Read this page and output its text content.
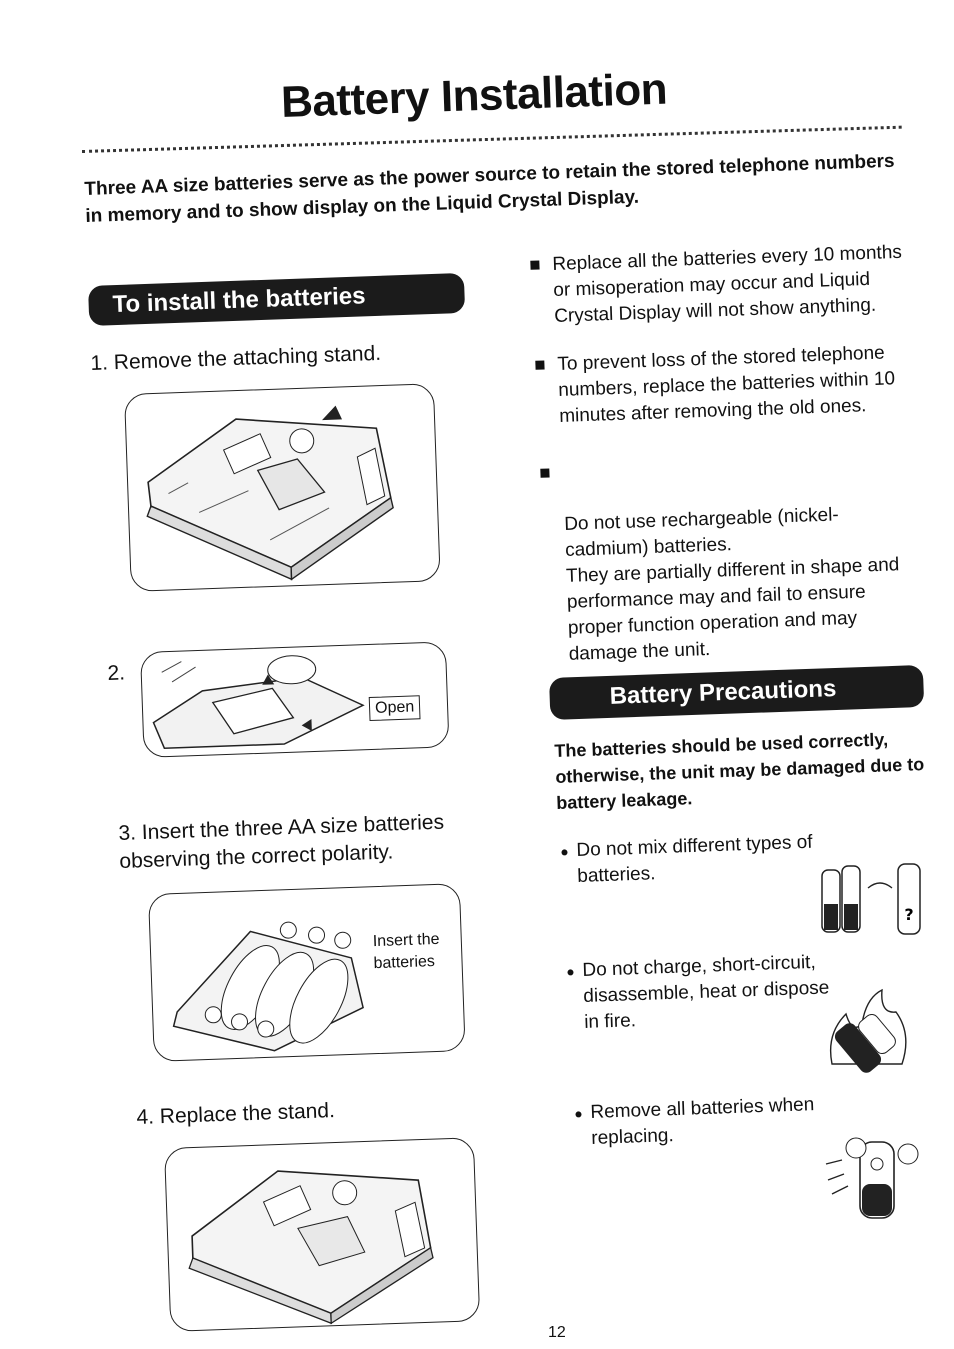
Battery Installation
Three AA size batteries serve as the power source to retain the stored telephone numbers in memory and to show display on the Liquid Crystal Display.
To install the batteries
1. Remove the attaching stand.
2.
Open
3. Insert the three AA size batteries observing the correct polarity.
Insert the batteries
4. Replace the stand.
Replace all the batteries every 10 months or misoperation may occur and Liquid Crystal Display will not show anything.
To prevent loss of the stored telephone numbers, replace the batteries within 10 minutes after removing the old ones.

Do not use rechargeable (nickel-cadmium) batteries.
They are partially different in shape and performance may and fail to ensure proper function operation and may damage the unit.

Battery Precautions
The batteries should be used correctly, otherwise, the unit may be damaged due to battery leakage.
Do not mix different types of batteries.
?
Do not charge, short-circuit, disassemble, heat or dispose in fire.
Remove all batteries when replacing.
12
